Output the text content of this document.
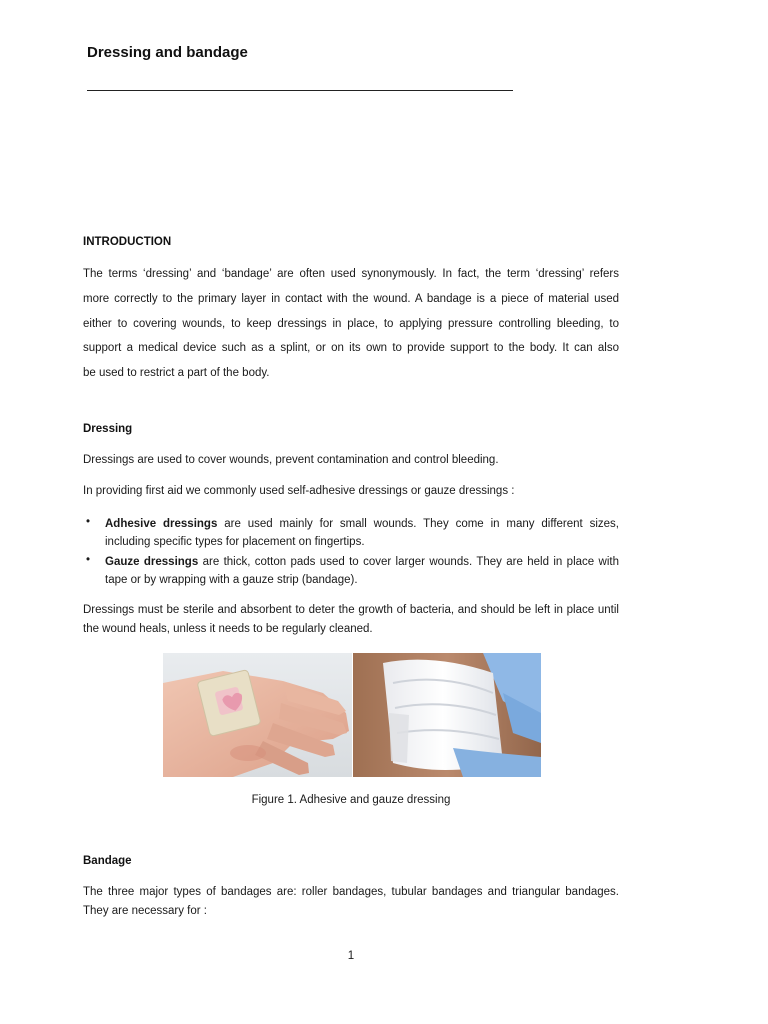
Dressing and bandage
INTRODUCTION
The terms ‘dressing’ and ‘bandage’ are often used synonymously. In fact, the term ‘dressing’ refers
more correctly to the primary layer in contact with the wound. A bandage is a piece of material used
either to covering wounds, to keep dressings in place, to applying pressure controlling bleeding, to
support a medical device such as a splint, or on its own to provide support to the body. It can also
be used to restrict a part of the body.
Dressing
Dressings are used to cover wounds, prevent contamination and control bleeding.
In providing first aid we commonly used self-adhesive dressings or gauze dressings :
• Adhesive dressings are used mainly for small wounds. They come in many different sizes, including specific types for placement on fingertips.
• Gauze dressings are thick, cotton pads used to cover larger wounds. They are held in place with tape or by wrapping with a gauze strip (bandage).
Dressings must be sterile and absorbent to deter the growth of bacteria, and should be left in place until the wound heals, unless it needs to be regularly cleaned.
Figure 1. Adhesive and gauze dressing
Bandage
The three major types of bandages are: roller bandages, tubular bandages and triangular bandages. They are necessary for :
1
